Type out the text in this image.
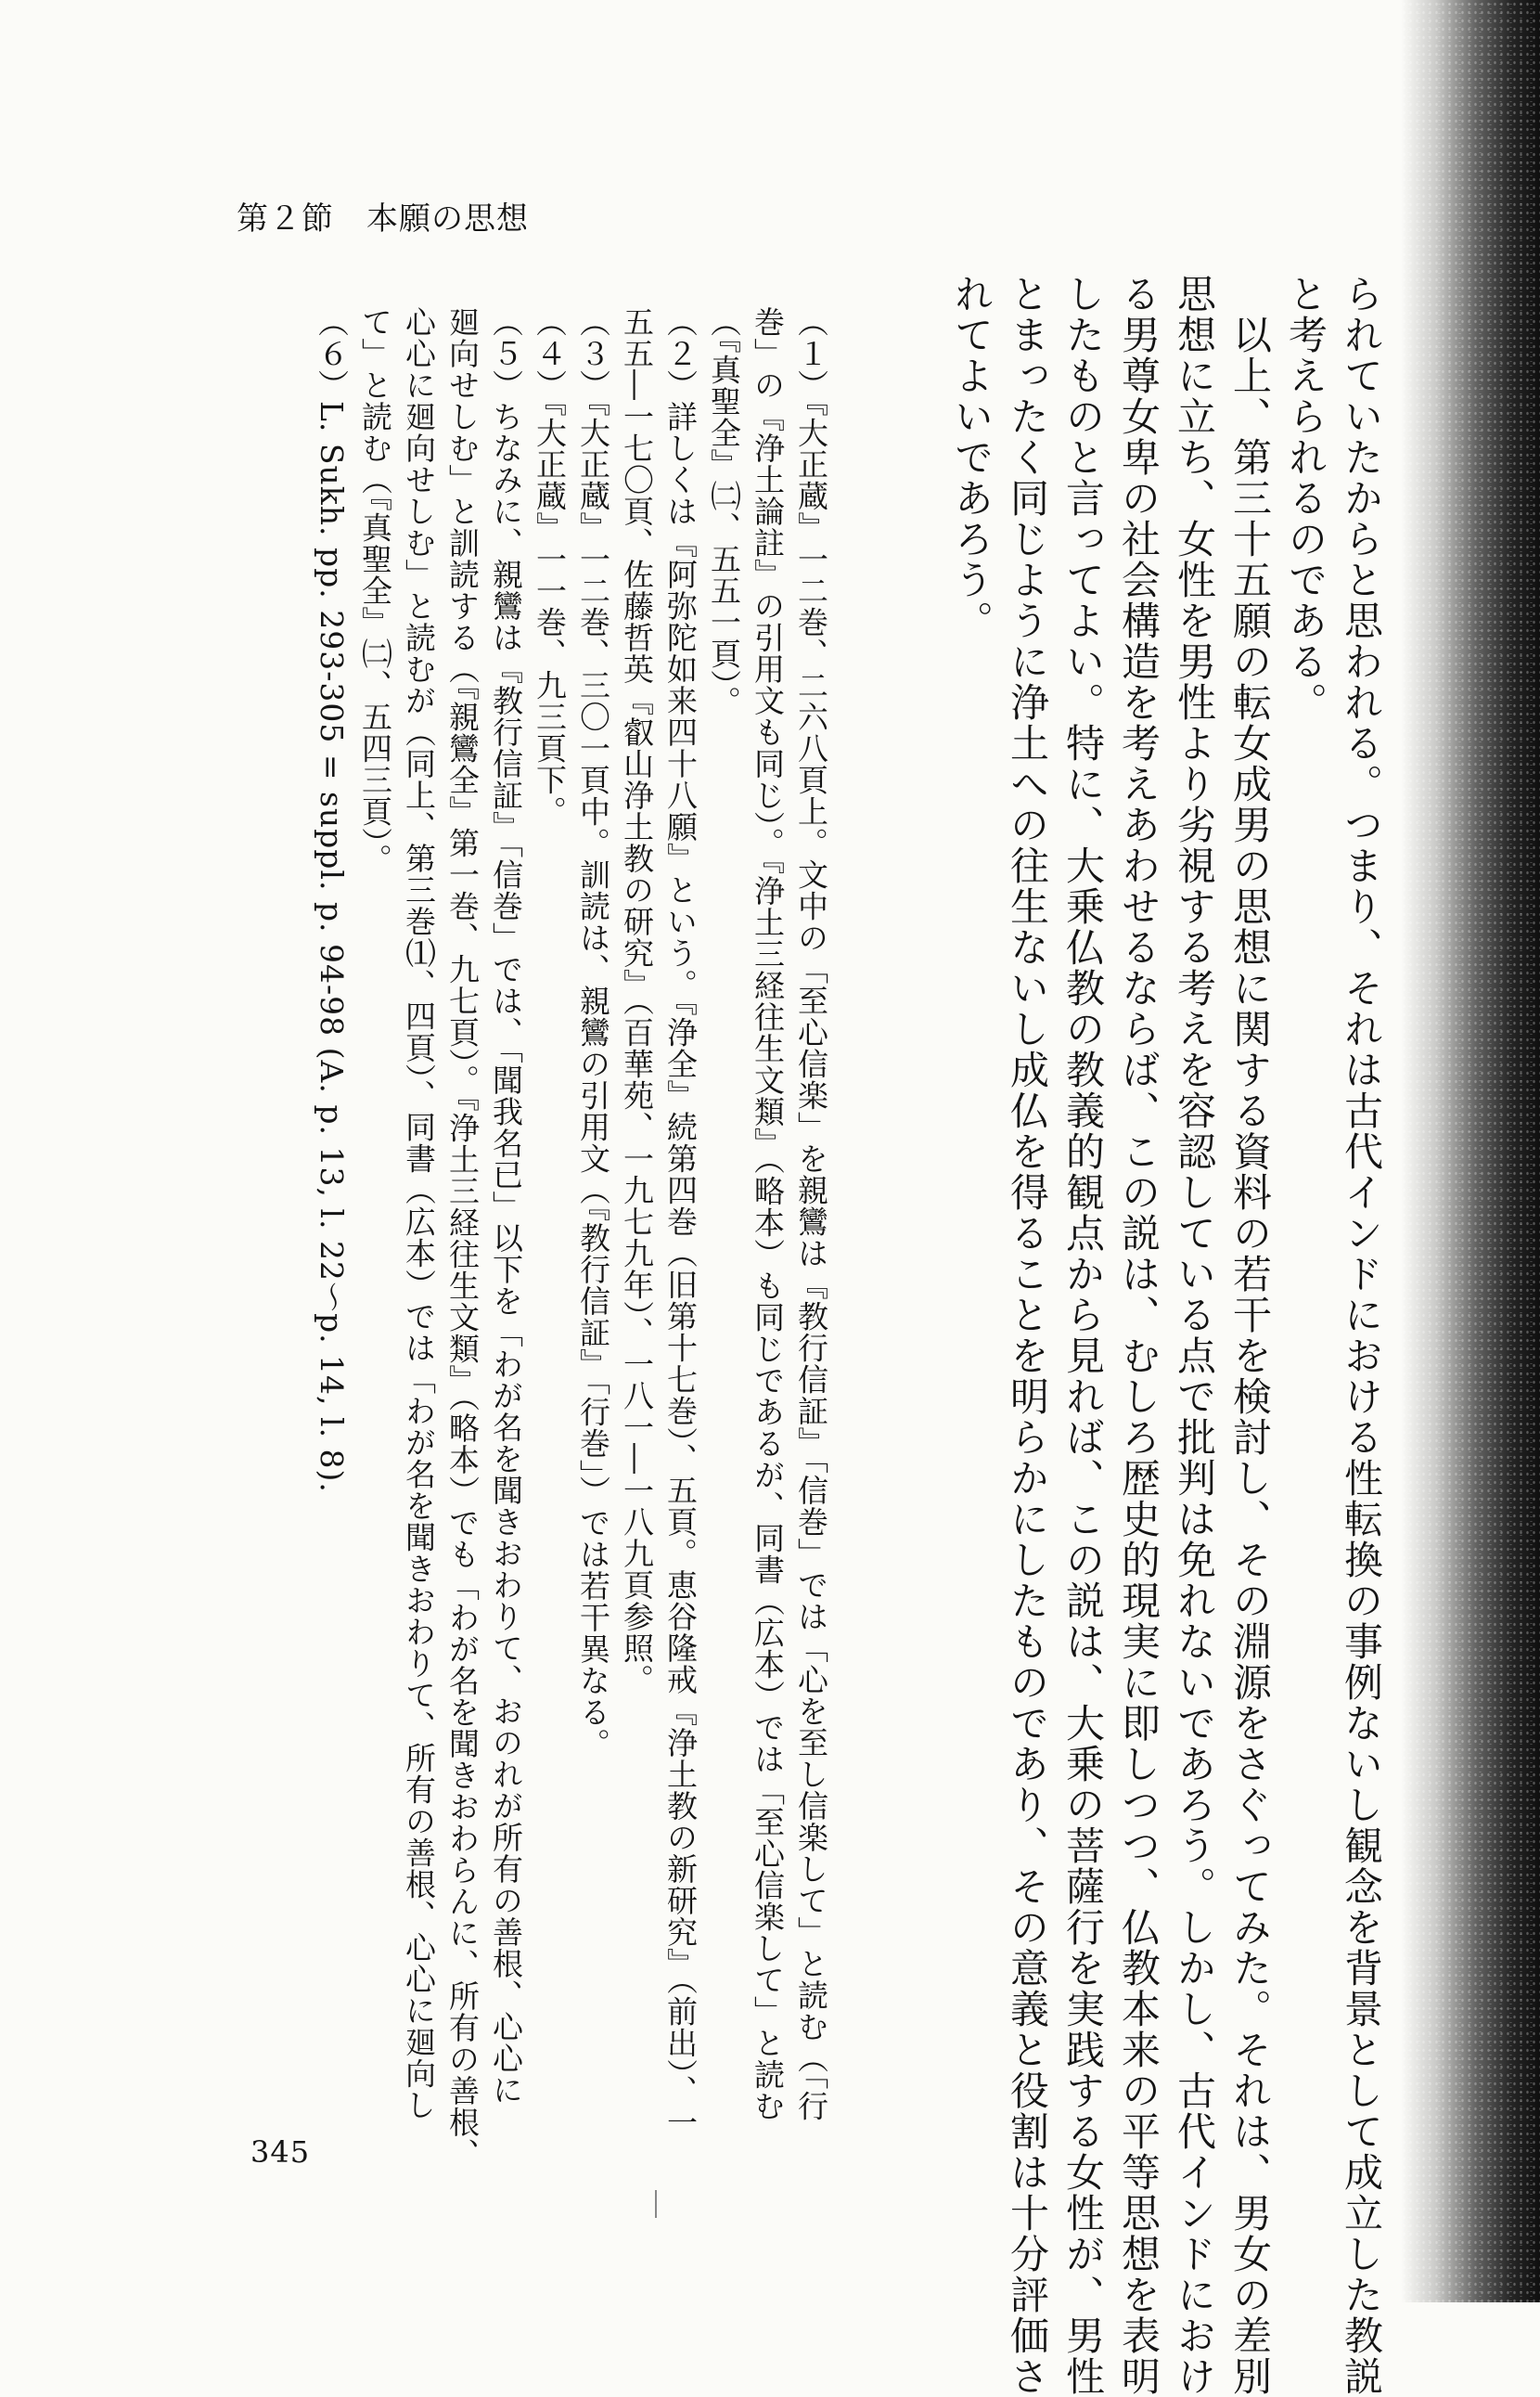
第２節　本願の思想
られていたからと思われる。つまり、それは古代インドにおける性転換の事例ないし観念を背景として成立した教説
と考えられるのである。
　以上、第三十五願の転女成男の思想に関する資料の若干を検討し、その淵源をさぐってみた。それは、男女の差別
思想に立ち、女性を男性より劣視する考えを容認している点で批判は免れないであろう。しかし、古代インドにおけ
る男尊女卑の社会構造を考えあわせるならば、この説は、むしろ歴史的現実に即しつつ、仏教本来の平等思想を表明
したものと言ってよい。特に、大乗仏教の教義的観点から見れば、この説は、大乗の菩薩行を実践する女性が、男性
とまったく同じように浄土への往生ないし成仏を得ることを明らかにしたものであり、その意義と役割は十分評価さ
れてよいであろう。
（１）『大正蔵』一二巻、二六八頁上。文中の「至心信楽」を親鸞は『教行信証』「信巻」では「心を至し信楽して」と読む（「行
巻」の『浄土論註』の引用文も同じ）。『浄土三経往生文類』（略本）も同じであるが、同書（広本）では「至心信楽して」と読む
（『真聖全』㈡、五五一頁）。
（２）詳しくは『阿弥陀如来四十八願』という。『浄全』続第四巻（旧第十七巻）、五頁。恵谷隆戒『浄土教の新研究』（前出）、一
五五―一七〇頁、佐藤哲英『叡山浄土教の研究』（百華苑、一九七九年）、一八一―一八九頁参照。
（３）『大正蔵』一二巻、三〇一頁中。訓読は、親鸞の引用文（『教行信証』「行巻」）では若干異なる。
（４）『大正蔵』一一巻、九三頁下。
（５）ちなみに、親鸞は『教行信証』「信巻」では、「聞我名已」以下を「わが名を聞きおわりて、おのれが所有の善根、心心に
廻向せしむ」と訓読する（『親鸞全』第一巻、九七頁）。『浄土三経往生文類』（略本）でも「わが名を聞きおわらんに、所有の善根、
心心に廻向せしむ」と読むが（同上、第三巻⑴、四頁）、同書（広本）では「わが名を聞きおわりて、所有の善根、心心に廻向し
て」と読む（『真聖全』㈡、五四三頁）。
（６）L. Sukh. pp. 293-305 = suppl. p. 94-98 (A. p. 13, l. 22～p. 14, l. 8).
345
